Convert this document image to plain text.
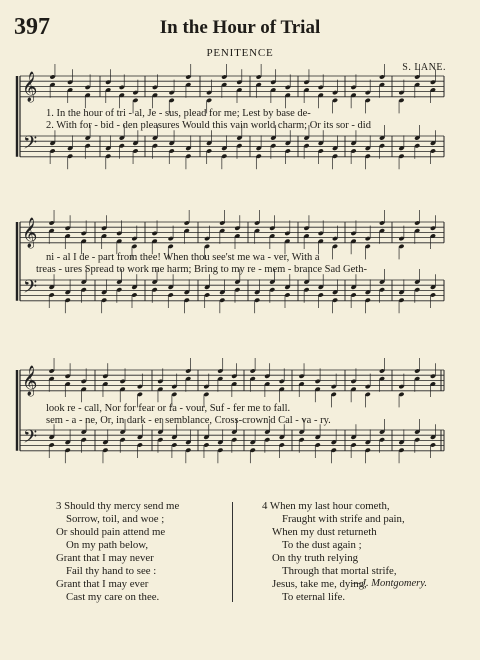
397	In the Hour of Trial
PENITENCE
S. LANE.
𝄞
𝄢
𝄞
𝄢
𝄞
𝄢
1. In the hour of tri - al, Je - sus, plead for me; Lest by base de-
2. With for - bid - den pleasures Would this vain world charm; Or its sor - did
ni - al I de - part from thee! When thou see'st me wa - ver, With a
treas - ures Spread to work me harm; Bring to my re - mem - brance Sad Geth-
look re - call, Nor for fear or fa - vour, Suf - fer me to fall.
sem - a - ne, Or, in dark - er semblance, Cross-crown'd Cal - va - ry.
3 Should thy mercy send me
Sorrow, toil, and woe ;
Or should pain attend me
On my path below,
Grant that I may never
Fail thy hand to see :
Grant that I may ever
Cast my care on thee.
4 When my last hour cometh,
Fraught with strife and pain,
When my dust returneth
To the dust again ;
On thy truth relying
Through that mortal strife,
Jesus, take me, dying,
To eternal life.
—J. Montgomery.
